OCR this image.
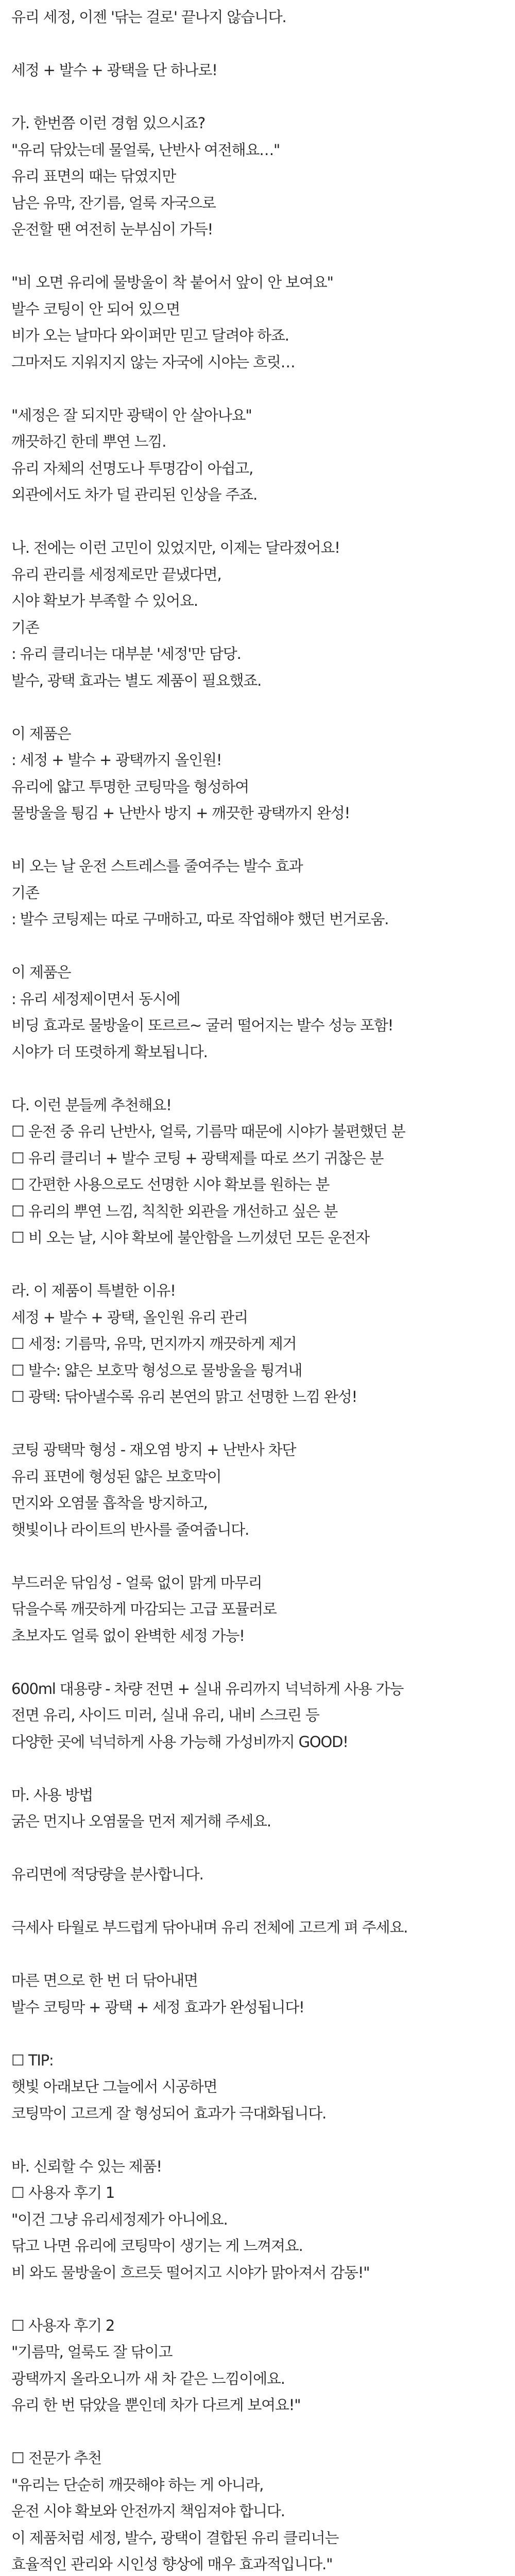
유리 세정, 이젠 '닦는 걸로' 끝나지 않습니다.
세정 + 발수 + 광택을 단 하나로!
가. 한번쯤 이런 경험 있으시죠?
"유리 닦았는데 물얼룩, 난반사 여전해요…"
유리 표면의 때는 닦였지만
남은 유막, 잔기름, 얼룩 자국으로
운전할 땐 여전히 눈부심이 가득!
"비 오면 유리에 물방울이 착 붙어서 앞이 안 보여요"
발수 코팅이 안 되어 있으면
비가 오는 날마다 와이퍼만 믿고 달려야 하죠.
그마저도 지워지지 않는 자국에 시야는 흐릿…
"세정은 잘 되지만 광택이 안 살아나요"
깨끗하긴 한데 뿌연 느낌.
유리 자체의 선명도나 투명감이 아쉽고,
외관에서도 차가 덜 관리된 인상을 주죠.
나. 전에는 이런 고민이 있었지만, 이제는 달라졌어요!
유리 관리를 세정제로만 끝냈다면,
시야 확보가 부족할 수 있어요.
기존
: 유리 클리너는 대부분 '세정'만 담당.
발수, 광택 효과는 별도 제품이 필요했죠.
이 제품은
: 세정 + 발수 + 광택까지 올인원!
유리에 얇고 투명한 코팅막을 형성하여
물방울을 튕김 + 난반사 방지 + 깨끗한 광택까지 완성!
비 오는 날 운전 스트레스를 줄여주는 발수 효과
기존
: 발수 코팅제는 따로 구매하고, 따로 작업해야 했던 번거로움.
이 제품은
: 유리 세정제이면서 동시에
비딩 효과로 물방울이 또르르~ 굴러 떨어지는 발수 성능 포함!
시야가 더 또렷하게 확보됩니다.
다. 이런 분들께 추천해요!
☐ 운전 중 유리 난반사, 얼룩, 기름막 때문에 시야가 불편했던 분
☐ 유리 클리너 + 발수 코팅 + 광택제를 따로 쓰기 귀찮은 분
☐ 간편한 사용으로도 선명한 시야 확보를 원하는 분
☐ 유리의 뿌연 느낌, 칙칙한 외관을 개선하고 싶은 분
☐ 비 오는 날, 시야 확보에 불안함을 느끼셨던 모든 운전자
라. 이 제품이 특별한 이유!
세정 + 발수 + 광택, 올인원 유리 관리
☐ 세정: 기름막, 유막, 먼지까지 깨끗하게 제거
☐ 발수: 얇은 보호막 형성으로 물방울을 튕겨내
☐ 광택: 닦아낼수록 유리 본연의 맑고 선명한 느낌 완성!
코팅 광택막 형성 - 재오염 방지 + 난반사 차단
유리 표면에 형성된 얇은 보호막이
먼지와 오염물 흡착을 방지하고,
햇빛이나 라이트의 반사를 줄여줍니다.
부드러운 닦임성 - 얼룩 없이 맑게 마무리
닦을수록 깨끗하게 마감되는 고급 포뮬러로
초보자도 얼룩 없이 완벽한 세정 가능!
600ml 대용량 - 차량 전면 + 실내 유리까지 넉넉하게 사용 가능
전면 유리, 사이드 미러, 실내 유리, 내비 스크린 등
다양한 곳에 넉넉하게 사용 가능해 가성비까지 GOOD!
마. 사용 방법
굵은 먼지나 오염물을 먼저 제거해 주세요.
유리면에 적당량을 분사합니다.
극세사 타월로 부드럽게 닦아내며 유리 전체에 고르게 펴 주세요.
마른 면으로 한 번 더 닦아내면
발수 코팅막 + 광택 + 세정 효과가 완성됩니다!
☐ TIP:
햇빛 아래보단 그늘에서 시공하면
코팅막이 고르게 잘 형성되어 효과가 극대화됩니다.
바. 신뢰할 수 있는 제품!
☐ 사용자 후기 1
"이건 그냥 유리세정제가 아니에요.
닦고 나면 유리에 코팅막이 생기는 게 느껴져요.
비 와도 물방울이 흐르듯 떨어지고 시야가 맑아져서 감동!"
☐ 사용자 후기 2
"기름막, 얼룩도 잘 닦이고
광택까지 올라오니까 새 차 같은 느낌이에요.
유리 한 번 닦았을 뿐인데 차가 다르게 보여요!"
☐ 전문가 추천
"유리는 단순히 깨끗해야 하는 게 아니라,
운전 시야 확보와 안전까지 책임져야 합니다.
이 제품처럼 세정, 발수, 광택이 결합된 유리 클리너는
효율적인 관리와 시인성 향상에 매우 효과적입니다."
